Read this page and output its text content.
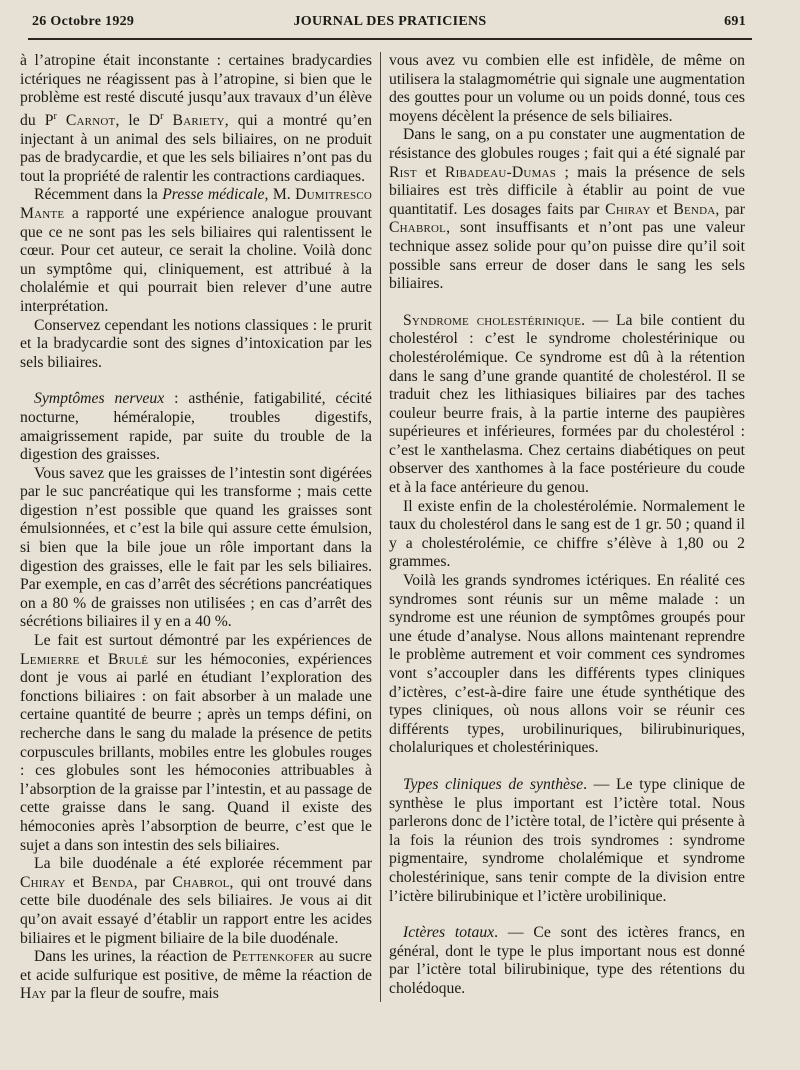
26 Octobre 1929	JOURNAL DES PRATICIENS	691

à l’atropine était inconstante : certaines bradycardies ictériques ne réagissent pas à l’atropine, si bien que le problème est resté discuté jusqu’aux travaux d’un élève du $P^r$ Carnot, le $D^r$ Bariety, qui a montré qu’en injectant à un animal des sels biliaires, on ne produit pas de bradycardie, et que les sels biliaires n’ont pas du tout la propriété de ralentir les contractions cardiaques.

Récemment dans la Presse médicale, M. Dumitresco Mante a rapporté une expérience analogue prouvant que ce ne sont pas les sels biliaires qui ralentissent le cœur. Pour cet auteur, ce serait la choline. Voilà donc un symptôme qui, cliniquement, est attribué à la cholalémie et qui pourrait bien relever d’une autre interprétation.

Conservez cependant les notions classiques : le prurit et la bradycardie sont des signes d’intoxication par les sels biliaires.

Symptômes nerveux : asthénie, fatigabilité, cécité nocturne, héméralopie, troubles digestifs, amaigrissement rapide, par suite du trouble de la digestion des graisses.

Vous savez que les graisses de l’intestin sont digérées par le suc pancréatique qui les transforme ; mais cette digestion n’est possible que quand les graisses sont émulsionnées, et c’est la bile qui assure cette émulsion, si bien que la bile joue un rôle important dans la digestion des graisses, elle le fait par les sels biliaires. Par exemple, en cas d’arrêt des sécrétions pancréatiques on a 80 % de graisses non utilisées ; en cas d’arrêt des sécrétions biliaires il y en a 40 %.

Le fait est surtout démontré par les expériences de Lemierre et Brulé sur les hémoconies, expériences dont je vous ai parlé en étudiant l’exploration des fonctions biliaires : on fait absorber à un malade une certaine quantité de beurre ; après un temps défini, on recherche dans le sang du malade la présence de petits corpuscules brillants, mobiles entre les globules rouges : ces globules sont les hémoconies attribuables à l’absorption de la graisse par l’intestin, et au passage de cette graisse dans le sang. Quand il existe des hémoconies après l’absorption de beurre, c’est que le sujet a dans son intestin des sels biliaires.

La bile duodénale a été explorée récemment par Chiray et Benda, par Chabrol, qui ont trouvé dans cette bile duodénale des sels biliaires. Je vous ai dit qu’on avait essayé d’établir un rapport entre les acides biliaires et le pigment biliaire de la bile duodénale.

Dans les urines, la réaction de Pettenkofer au sucre et acide sulfurique est positive, de même la réaction de Hay par la fleur de soufre, mais

vous avez vu combien elle est infidèle, de même on utilisera la stalagmométrie qui signale une augmentation des gouttes pour un volume ou un poids donné, tous ces moyens décèlent la présence de sels biliaires.

Dans le sang, on a pu constater une augmentation de résistance des globules rouges ; fait qui a été signalé par Rist et Ribadeau-Dumas ; mais la présence de sels biliaires est très difficile à établir au point de vue quantitatif. Les dosages faits par Chiray et Benda, par Chabrol, sont insuffisants et n’ont pas une valeur technique assez solide pour qu’on puisse dire qu’il soit possible sans erreur de doser dans le sang les sels biliaires.

Syndrome cholestérinique. — La bile contient du cholestérol : c’est le syndrome cholestérinique ou cholestérolémique. Ce syndrome est dû à la rétention dans le sang d’une grande quantité de cholestérol. Il se traduit chez les lithiasiques biliaires par des taches couleur beurre frais, à la partie interne des paupières supérieures et inférieures, formées par du cholestérol : c’est le xanthelasma. Chez certains diabétiques on peut observer des xanthomes à la face postérieure du coude et à la face antérieure du genou.

Il existe enfin de la cholestérolémie. Normalement le taux du cholestérol dans le sang est de 1 gr. 50 ; quand il y a cholestérolémie, ce chiffre s’élève à 1,80 ou 2 grammes.

Voilà les grands syndromes ictériques. En réalité ces syndromes sont réunis sur un même malade : un syndrome est une réunion de symptômes groupés pour une étude d’analyse. Nous allons maintenant reprendre le problème autrement et voir comment ces syndromes vont s’accoupler dans les différents types cliniques d’ictères, c’est-à-dire faire une étude synthétique des types cliniques, où nous allons voir se réunir ces différents types, urobilinuriques, bilirubinuriques, cholaluriques et cholestériniques.

Types cliniques de synthèse. — Le type clinique de synthèse le plus important est l’ictère total. Nous parlerons donc de l’ictère total, de l’ictère qui présente à la fois la réunion des trois syndromes : syndrome pigmentaire, syndrome cholalémique et syndrome cholestérinique, sans tenir compte de la division entre l’ictère bilirubinique et l’ictère urobilinique.

Ictères totaux. — Ce sont des ictères francs, en général, dont le type le plus important nous est donné par l’ictère total bilirubinique, type des rétentions du cholédoque.
